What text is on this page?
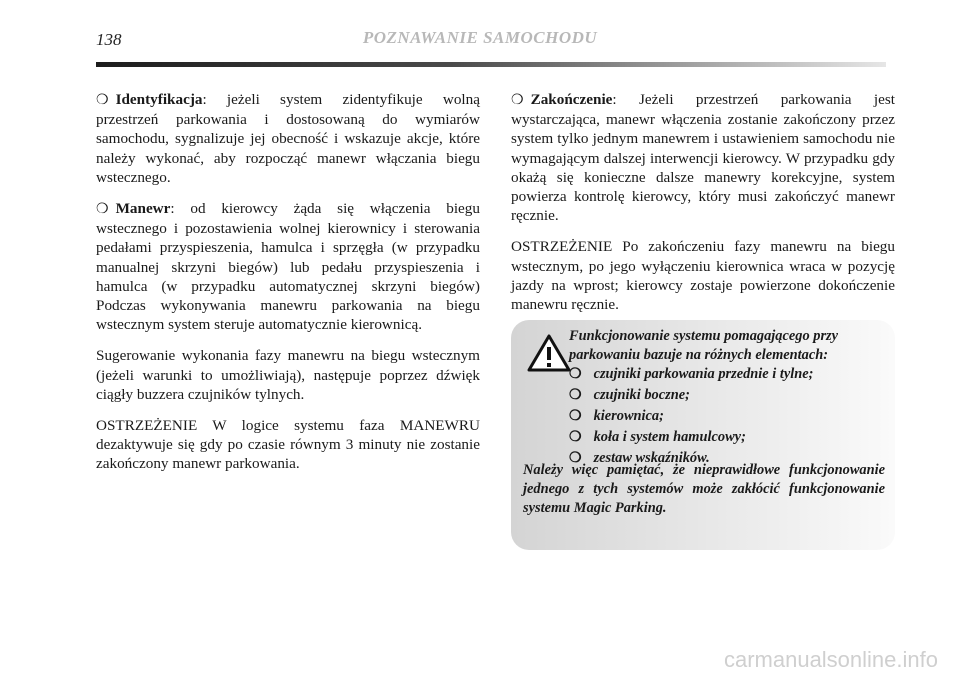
138	POZNAWANIE SAMOCHODU

❍ Identyfikacja: jeżeli system zidentyfikuje wolną przestrzeń parkowania i dostosowaną do wymiarów samochodu, sygnalizuje jej obecność i wskazuje akcje, które należy wykonać, aby rozpocząć manewr włączania biegu wstecznego.

❍ Manewr: od kierowcy żąda się włączenia biegu wstecznego i pozostawienia wolnej kierownicy i sterowania pedałami przyspieszenia, hamulca i sprzęgła (w przypadku manualnej skrzyni biegów) lub pedału przyspieszenia i hamulca (w przypadku automatycznej skrzyni biegów) Podczas wykonywania manewru parkowania na biegu wstecznym system steruje automatycznie kierownicą.

Sugerowanie wykonania fazy manewru na biegu wstecznym (jeżeli warunki to umożliwiają), następuje poprzez dźwięk ciągły buzzera czujników tylnych.

OSTRZEŻENIE W logice systemu faza MANEWRU dezaktywuje się gdy po czasie równym 3 minuty nie zostanie zakończony manewr parkowania.

❍ Zakończenie: Jeżeli przestrzeń parkowania jest wystarczająca, manewr włączenia zostanie zakończony przez system tylko jednym manewrem i ustawieniem samochodu nie wymagającym dalszej interwencji kierowcy. W przypadku gdy okażą się konieczne dalsze manewry korekcyjne, system powierza kontrolę kierowcy, który musi zakończyć manewr ręcznie.

OSTRZEŻENIE Po zakończeniu fazy manewru na biegu wstecznym, po jego wyłączeniu kierownica wraca w pozycję jazdy na wprost; kierowcy zostaje powierzone dokończenie manewru ręcznie.

Funkcjonowanie systemu pomagającego przy parkowaniu bazuje na różnych elementach:
❍ czujniki parkowania przednie i tylne;
❍ czujniki boczne;
❍ kierownica;
❍ koła i system hamulcowy;
❍ zestaw wskaźników.
Należy więc pamiętać, że nieprawidłowe funkcjonowanie jednego z tych systemów może zakłócić funkcjonowanie systemu Magic Parking.
carmanualsonline.info
